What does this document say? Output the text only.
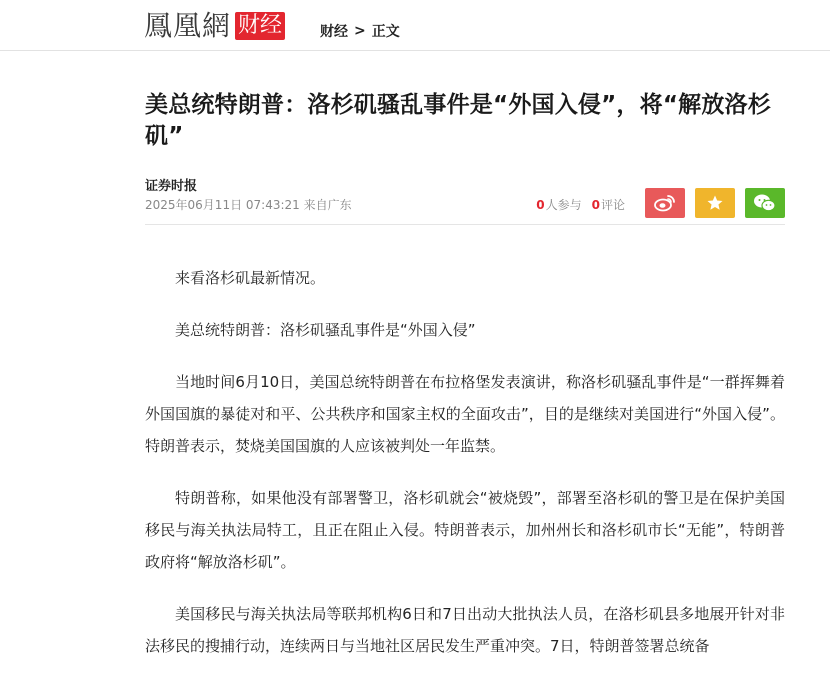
鳳凰網 财经	财经 > 正文
美总统特朗普：洛杉矶骚乱事件是“外国入侵”，将“解放洛杉矶”
证券时报
2025年06月11日 07:43:21 来自广东	0人参与 0评论

来看洛杉矶最新情况。

美总统特朗普：洛杉矶骚乱事件是“外国入侵”

当地时间6月10日，美国总统特朗普在布拉格堡发表演讲，称洛杉矶骚乱事件是“一群挥舞着外国国旗的暴徒对和平、公共秩序和国家主权的全面攻击”，目的是继续对美国进行“外国入侵”。特朗普表示，焚烧美国国旗的人应该被判处一年监禁。

特朗普称，如果他没有部署警卫，洛杉矶就会“被烧毁”，部署至洛杉矶的警卫是在保护美国移民与海关执法局特工，且正在阻止入侵。特朗普表示，加州州长和洛杉矶市长“无能”，特朗普政府将“解放洛杉矶”。

美国移民与海关执法局等联邦机构6日和7日出动大批执法人员，在洛杉矶县多地展开针对非法移民的搜捕行动，连续两日与当地社区居民发生严重冲突。7日，特朗普签署总统备
